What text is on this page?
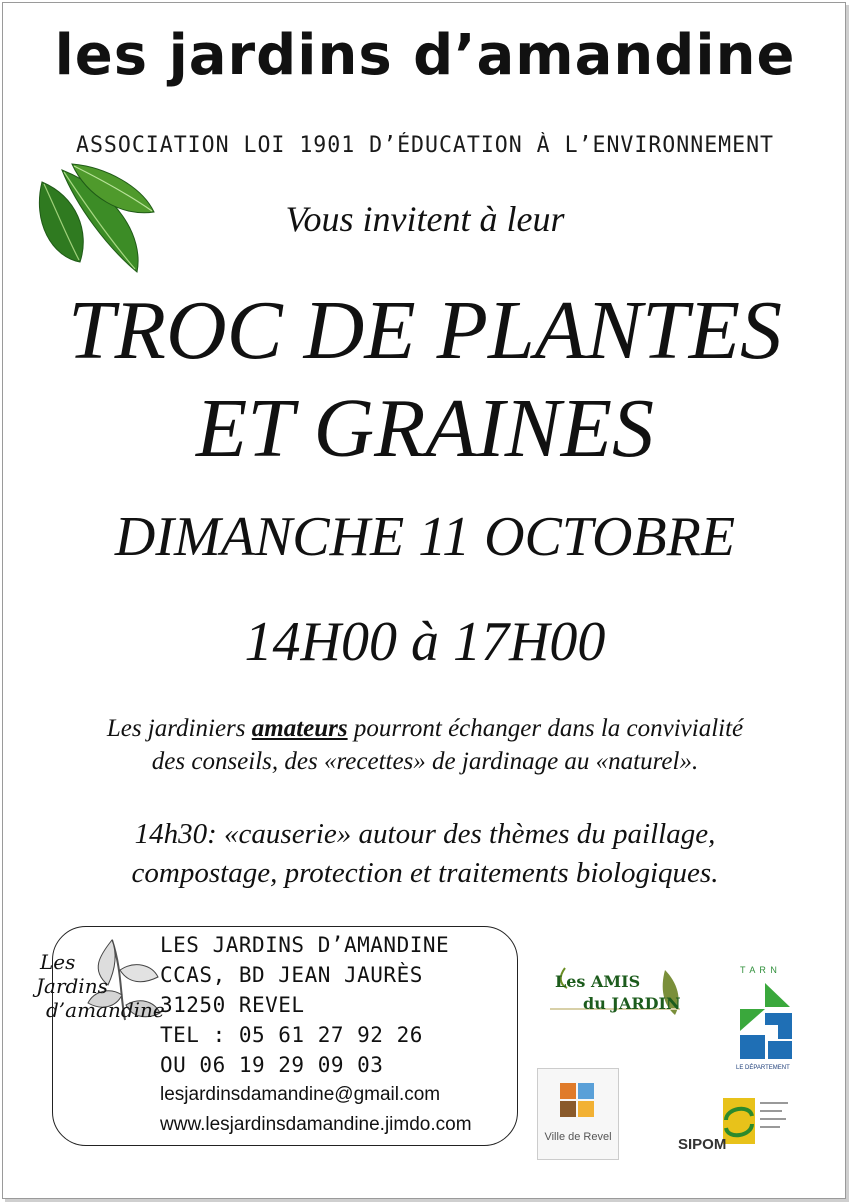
les jardins d’amandine
ASSOCIATION LOI 1901 D’ÉDUCATION À L’ENVIRONNEMENT
Vous invitent à leur
TROC DE PLANTES
ET GRAINES
DIMANCHE 11 OCTOBRE
14H00 à 17H00
Les jardiniers amateurs pourront échanger dans la convivialité
des conseils, des «recettes» de jardinage au «naturel».
14h30: «causerie» autour des thèmes du paillage,
compostage, protection et traitements biologiques.
Les
Jardins
d’amandine
LES JARDINS D’AMANDINE
CCAS, BD JEAN JAURÈS
31250 REVEL
TEL : 05 61 27 92 26
OU 06 19 29 09 03
lesjardinsdamandine@gmail.com
www.lesjardinsdamandine.jimdo.com
Les AMIS
du JARDIN
T A R N
LE DÉPARTEMENT
Ville de Revel	SIPOM
